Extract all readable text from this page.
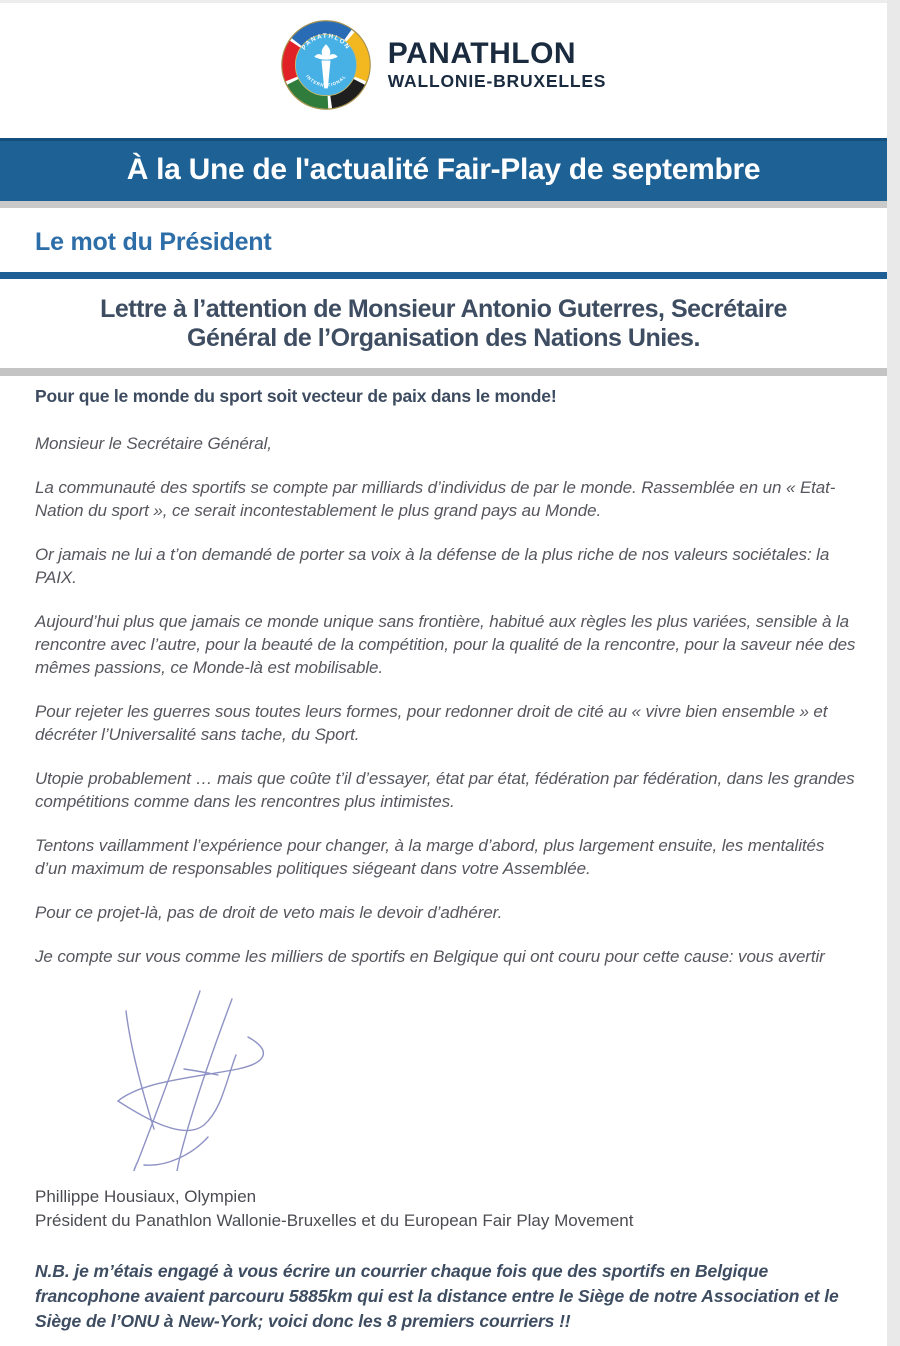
PANATHLON
INTERNATIONAL
PANATHLON
WALLONIE-BRUXELLES
À la Une de l'actualité Fair-Play de septembre
Le mot du Président
Lettre à l’attention de Monsieur Antonio Guterres, Secrétaire Général de l’Organisation des Nations Unies.
Pour que le monde du sport soit vecteur de paix dans le monde!

Monsieur le Secrétaire Général,

La communauté des sportifs se compte par milliards d’individus de par le monde. Rassemblée en un « Etat-Nation du sport », ce serait incontestablement le plus grand pays au Monde.

Or jamais ne lui a t’on demandé de porter sa voix à la défense de la plus riche de nos valeurs sociétales: la PAIX.

Aujourd’hui plus que jamais ce monde unique sans frontière, habitué aux règles les plus variées, sensible à la rencontre avec l’autre, pour la beauté de la compétition, pour la qualité de la rencontre, pour la saveur née des mêmes passions, ce Monde-là est mobilisable.

Pour rejeter les guerres sous toutes leurs formes, pour redonner droit de cité au « vivre bien ensemble » et décréter l’Universalité sans tache, du Sport.

Utopie probablement … mais que coûte t’il d’essayer, état par état, fédération par fédération, dans les grandes compétitions comme dans les rencontres plus intimistes.

Tentons vaillamment l’expérience pour changer, à la marge d’abord, plus largement ensuite, les mentalités d’un maximum de responsables politiques siégeant dans votre Assemblée.

Pour ce projet-là, pas de droit de veto mais le devoir d’adhérer.

Je compte sur vous comme les milliers de sportifs en Belgique qui ont couru pour cette cause: vous avertir

Phillippe Housiaux, Olympien
Président du Panathlon Wallonie-Bruxelles et du European Fair Play Movement
N.B. je m’étais engagé à vous écrire un courrier chaque fois que des sportifs en Belgique francophone avaient parcouru 5885km qui est la distance entre le Siège de notre Association et le Siège de l’ONU à New-York; voici donc les 8 premiers courriers !!
